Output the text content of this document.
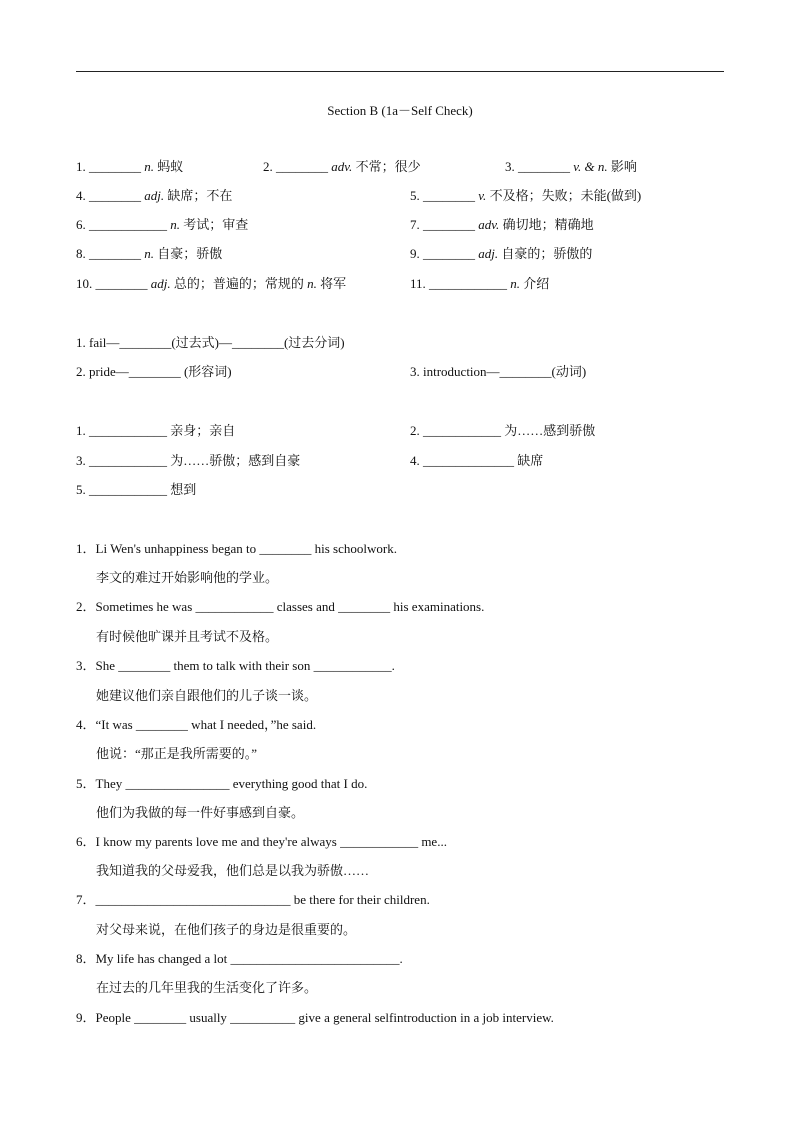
Section B (1a－Self Check)
1. ________ n. 蚂蚁	2. ________ adv. 不常；很少	3. ________ v. & n. 影响
4. ________ adj. 缺席；不在	5. ________ v. 不及格；失败；未能(做到)
6. ____________ n. 考试；审查	7. ________ adv. 确切地；精确地
8. ________ n. 自豪；骄傲	9. ________ adj. 自豪的；骄傲的
10. ________ adj. 总的；普遍的；常规的 n. 将军	11. ____________ n. 介绍
1. fail—________(过去式)—________(过去分词)
2. pride—________ (形容词)	3. introduction—________(动词)
1. ____________ 亲身；亲自	2. ____________ 为……感到骄傲
3. ____________ 为……骄傲；感到自豪	4. ______________ 缺席
5. ____________ 想到
1．Li Wen's unhappiness began to ________ his schoolwork.
李文的难过开始影响他的学业。
2．Sometimes he was ____________ classes and ________ his examinations.
有时候他旷课并且考试不及格。
3．She ________ them to talk with their son ____________.
她建议他们亲自跟他们的儿子谈一谈。
4．“It was ________ what I needed，”he said.
他说：“那正是我所需要的。”
5．They ________________ everything good that I do.
他们为我做的每一件好事感到自豪。
6．I know my parents love me and they're always ____________ me...
我知道我的父母爱我，他们总是以我为骄傲……
7．______________________________ be there for their children.
对父母来说，在他们孩子的身边是很重要的。
8．My life has changed a lot __________________________.
在过去的几年里我的生活变化了许多。
9．People ________ usually __________ give a general selfintroduction in a job interview.
